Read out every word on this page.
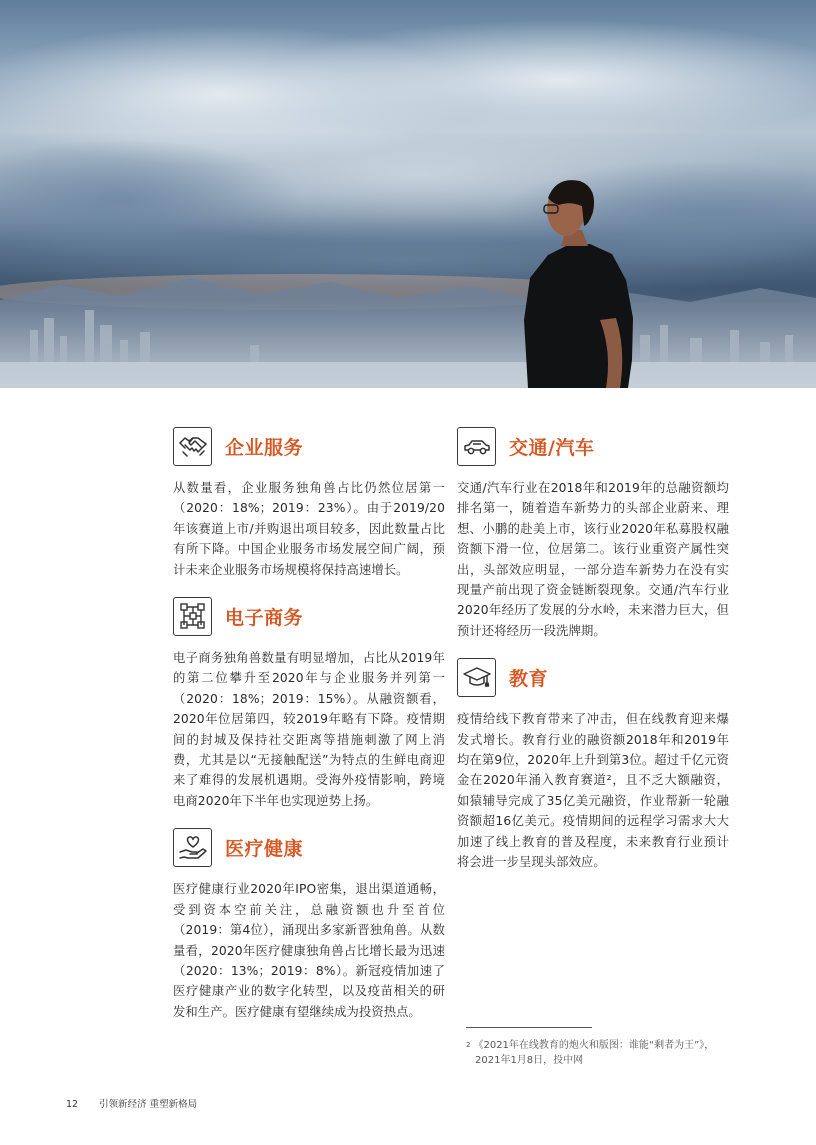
企业服务

从数量看，企业服务独角兽占比仍然位居第一（2020：18%；2019：23%）。由于2019/20年该赛道上市/并购退出项目较多，因此数量占比有所下降。中国企业服务市场发展空间广阔，预计未来企业服务市场规模将保持高速增长。

电子商务

电子商务独角兽数量有明显增加，占比从2019年的第二位攀升至2020年与企业服务并列第一（2020：18%；2019：15%）。从融资额看，2020年位居第四，较2019年略有下降。疫情期间的封城及保持社交距离等措施刺激了网上消费，尤其是以“无接触配送”为特点的生鲜电商迎来了难得的发展机遇期。受海外疫情影响，跨境电商2020年下半年也实现逆势上扬。

医疗健康

医疗健康行业2020年IPO密集，退出渠道通畅，受到资本空前关注，总融资额也升至首位（2019：第4位），涌现出多家新晋独角兽。从数量看，2020年医疗健康独角兽占比增长最为迅速（2020：13%；2019：8%）。新冠疫情加速了医疗健康产业的数字化转型，以及疫苗相关的研发和生产。医疗健康有望继续成为投资热点。

交通/汽车

交通/汽车行业在2018年和2019年的总融资额均排名第一，随着造车新势力的头部企业蔚来、理想、小鹏的赴美上市，该行业2020年私募股权融资额下滑一位，位居第二。该行业重资产属性突出，头部效应明显，一部分造车新势力在没有实现量产前出现了资金链断裂现象。交通/汽车行业2020年经历了发展的分水岭，未来潜力巨大，但预计还将经历一段洗牌期。

教育

疫情给线下教育带来了冲击，但在线教育迎来爆发式增长。教育行业的融资额2018年和2019年均在第9位，2020年上升到第3位。超过千亿元资金在2020年涌入教育赛道²，且不乏大额融资，如猿辅导完成了35亿美元融资，作业帮新一轮融资额超16亿美元。疫情期间的远程学习需求大大加速了线上教育的普及程度，未来教育行业预计将会进一步呈现头部效应。

$^2$ 《2021年在线教育的炮火和版图：谁能“剩者为王”》，
2021年1月8日，投中网
12 引领新经济 重塑新格局
